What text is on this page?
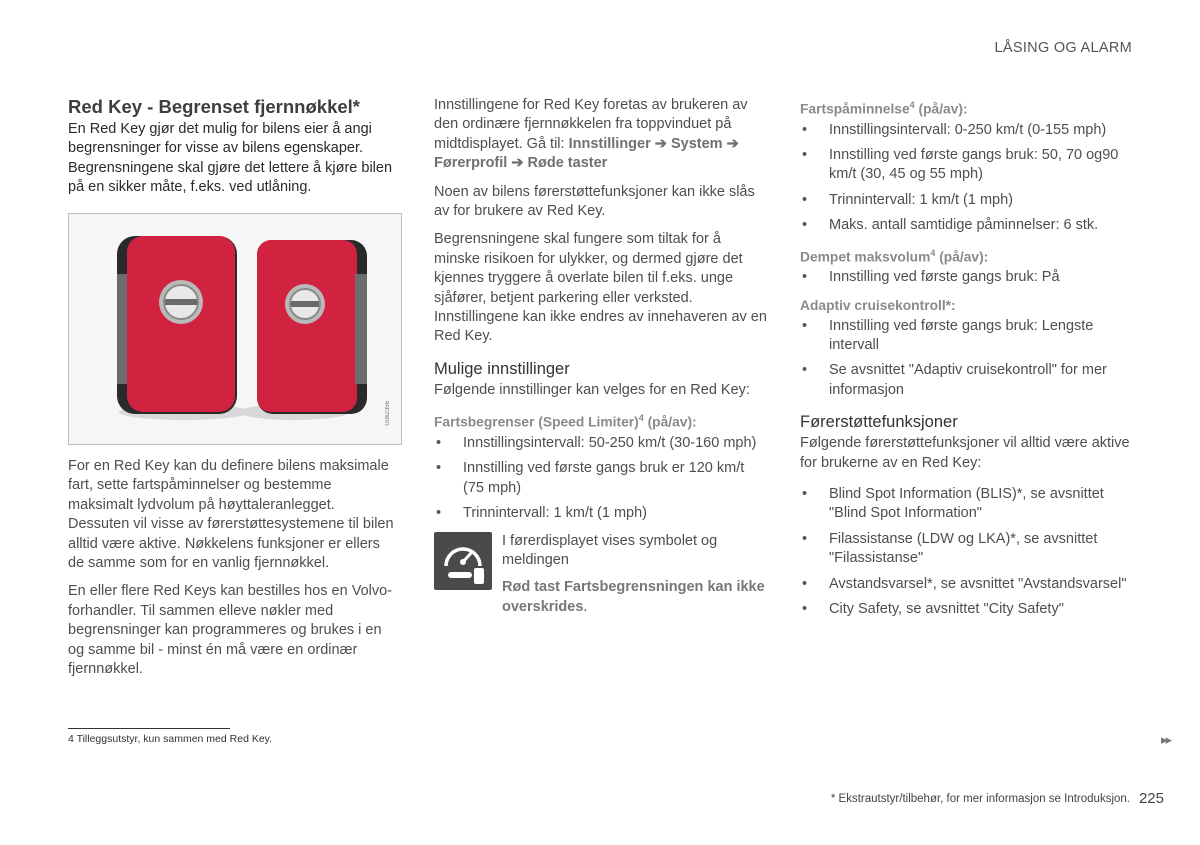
LÅSING OG ALARM
Red Key - Begrenset fjernnøkkel*

En Red Key gjør det mulig for bilens eier å angi begrensninger for visse av bilens egenskaper. Begrensningene skal gjøre det lettere å kjøre bilen på en sikker måte, f.eks. ved utlåning.

G062356

For en Red Key kan du definere bilens maksimale fart, sette fartspåminnelser og bestemme maksimalt lydvolum på høyttaleranlegget. Dessuten vil visse av førerstøttesystemene til bilen alltid være aktive. Nøkkelens funksjoner er ellers de samme som for en vanlig fjernnøkkel.

En eller flere Red Keys kan bestilles hos en Volvo-forhandler. Til sammen elleve nøkler med begrensninger kan programmeres og brukes i en og samme bil - minst én må være en ordinær fjernnøkkel.

Innstillingene for Red Key foretas av brukeren av den ordinære fjernnøkkelen fra toppvinduet på midtdisplayet. Gå til: Innstillinger ➔ System ➔ Førerprofil ➔ Røde taster

Noen av bilens førerstøttefunksjoner kan ikke slås av for brukere av Red Key.

Begrensningene skal fungere som tiltak for å minske risikoen for ulykker, og dermed gjøre det kjennes tryggere å overlate bilen til f.eks. unge sjåfører, betjent parkering eller verksted. Innstillingene kan ikke endres av innehaveren av en Red Key.

Mulige innstillinger

Følgende innstillinger kan velges for en Red Key:

Fartsbegrenser (Speed Limiter)$^4$ (på/av):
• Innstillingsintervall: 50-250 km/t (30-160 mph)
• Innstilling ved første gangs bruk er 120 km/t (75 mph)
• Trinnintervall: 1 km/t (1 mph)
I førerdisplayet vises symbolet og meldingen
Rød tast Fartsbegrensningen kan ikke overskrides.
Fartspåminnelse$^4$ (på/av):
• Innstillingsintervall: 0-250 km/t (0-155 mph)
• Innstilling ved første gangs bruk: 50, 70 og90 km/t (30, 45 og 55 mph)
• Trinnintervall: 1 km/t (1 mph)
• Maks. antall samtidige påminnelser: 6 stk.
Dempet maksvolum$^4$ (på/av):
• Innstilling ved første gangs bruk: På
Adaptiv cruisekontroll*:
• Innstilling ved første gangs bruk: Lengste intervall
• Se avsnittet "Adaptiv cruisekontroll" for mer informasjon
Førerstøttefunksjoner

Følgende førerstøttefunksjoner vil alltid være aktive for brukerne av en Red Key:

• Blind Spot Information (BLIS)*, se avsnittet "Blind Spot Information"
• Filassistanse (LDW og LKA)*, se avsnittet "Filassistanse"
• Avstandsvarsel*, se avsnittet "Avstandsvarsel"
• City Safety, se avsnittet "City Safety"
4 Tilleggsutstyr, kun sammen med Red Key.	▸▸
* Ekstrautstyr/tilbehør, for mer informasjon se Introduksjon. 225
